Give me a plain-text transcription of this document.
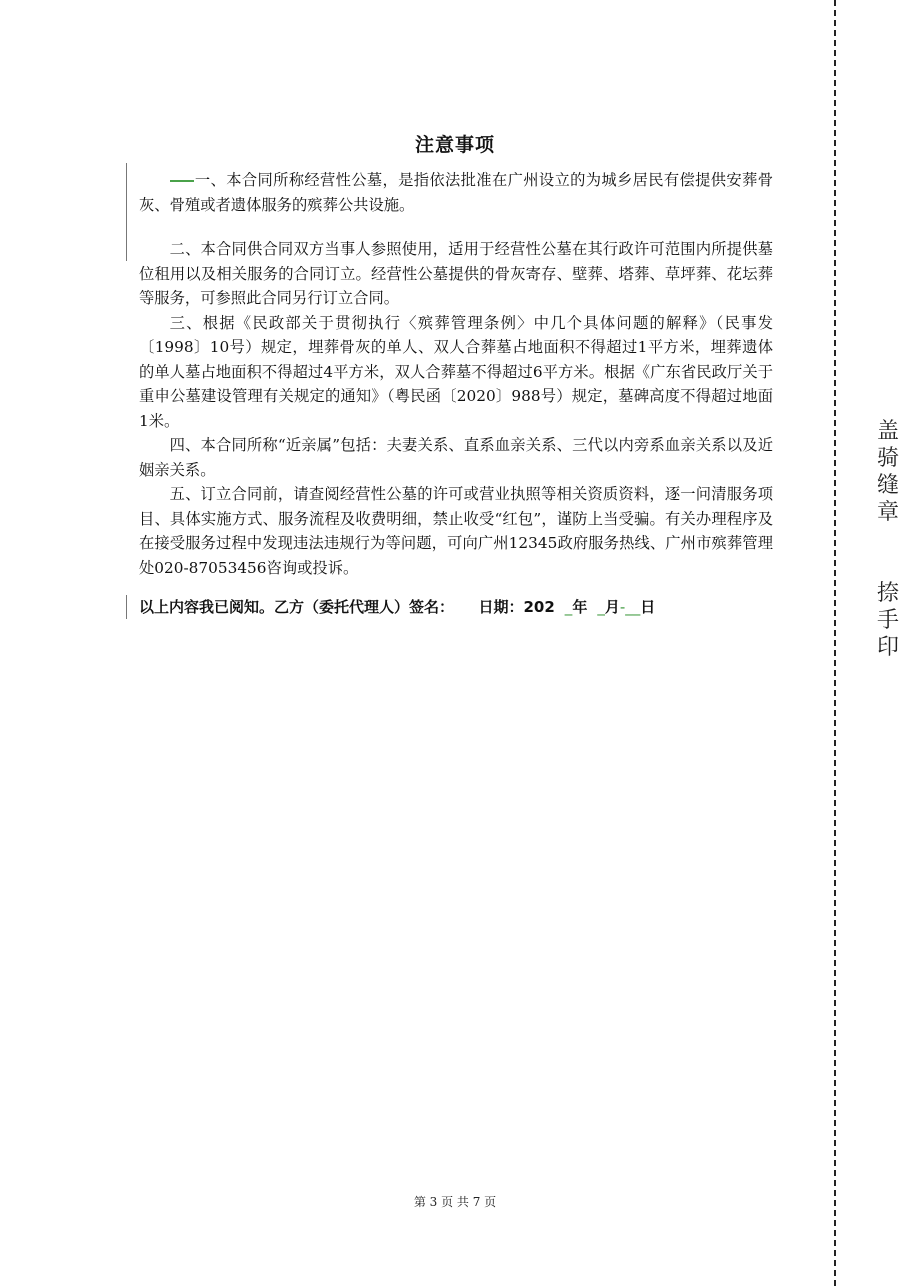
盖
骑
缝
章
捺
手
印
注意事项

一、本合同所称经营性公墓，是指依法批准在广州设立的为城乡居民有偿提供安葬骨灰、骨殖或者遗体服务的殡葬公共设施。

二、本合同供合同双方当事人参照使用，适用于经营性公墓在其行政许可范围内所提供墓位租用以及相关服务的合同订立。经营性公墓提供的骨灰寄存、壁葬、塔葬、草坪葬、花坛葬等服务，可参照此合同另行订立合同。

三、根据《民政部关于贯彻执行〈殡葬管理条例〉中几个具体问题的解释》（民事发〔1998〕10号）规定，埋葬骨灰的单人、双人合葬墓占地面积不得超过1平方米，埋葬遗体的单人墓占地面积不得超过4平方米，双人合葬墓不得超过6平方米。根据《广东省民政厅关于重申公墓建设管理有关规定的通知》（粤民函〔2020〕988号）规定，墓碑高度不得超过地面1米。

四、本合同所称“近亲属”包括：夫妻关系、直系血亲关系、三代以内旁系血亲关系以及近姻亲关系。

五、订立合同前，请查阅经营性公墓的许可或营业执照等相关资质资料，逐一问清服务项目、具体实施方式、服务流程及收费明细，禁止收受“红包”，谨防上当受骗。有关办理程序及在接受服务过程中发现违法违规行为等问题，可向广州12345政府服务热线、广州市殡葬管理处020-87053456咨询或投诉。

以上内容我已阅知。乙方（委托代理人）签名： 日期：202  _年  _月-__日
第 3 页 共 7 页
